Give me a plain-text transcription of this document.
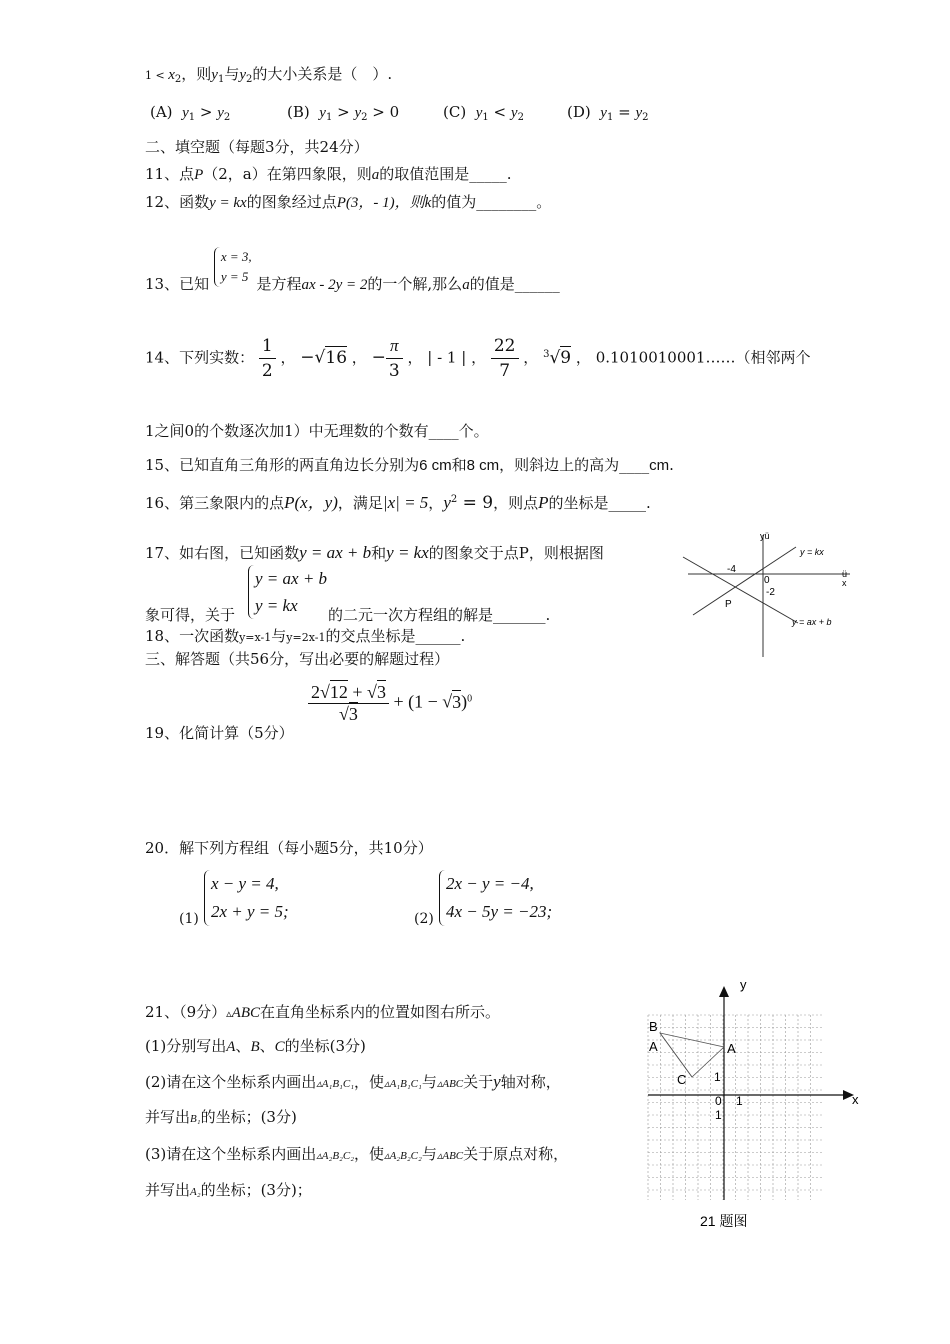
$1 < x_2$，则$y_1$与$y_2$的大小关系是（　）.
(A) $y_1 > y_2$	(B) $y_1 > y_2 > 0$	(C) $y_1 < y_2$	(D) $y_1 = y_2$
二、填空题（每题3分，共24分）
11、点P（2，a）在第四象限，则a的取值范围是_____.
12、函数y = kx的图象经过点P(3，- 1)，则k的值为________。
13、已知
x = 3,
y = 5 是方程ax - 2y = 2的一个解,那么a的值是______
14、下列实数： $\frac{1}{2}$ ， −√16 ， − $\frac{\pi}{3}$ ， | - 1 | ， $\frac{22}{7}$ ， $^3$√9 ， 0.1010010001……（相邻两个
1之间0的个数逐次加1）中无理数的个数有____个。
15、已知直角三角形的两直角边长分别为6 cm和8 cm，则斜边上的高为____cm.
16、第三象限内的点P(x，y)，满足|x| = 5，$y^2 = 9$，则点P的坐标是_____.
17、如右图，已知函数y = ax + b和y = kx的图象交于点P，则根据图
y = ax + b
y = kx
象可得，关于	的二元一次方程组的解是_______.
yü
ü
x
0
-4
-2
P
y = kx
y = ax + b
18、一次函数y=x-1与y=2x-1的交点坐标是______.
三、解答题（共56分，写出必要的解题过程）
19、化简计算（5分）
$\frac{2√12 + √3}{√3} + (1 - √3)^0$
20．解下列方程组（每小题5分，共10分）
(1)
x − y = 4,
2x + y = 5;	(2)
2x − y = −4,
4x − 5y = −23;
21、（9分）▵ABC在直角坐标系内的位置如图右所示。
(1)分别写出A、B、C的坐标(3分)
(2)请在这个坐标系内画出▵A₁B₁C₁，使▵A₁B₁C₁与▵ABC关于y轴对称，
并写出B₁的坐标；(3分)
(3)请在这个坐标系内画出▵A₂B₂C₂，使▵A₂B₂C₂与▵ABC关于原点对称，
并写出A₂的坐标；(3分)；
y
x
B
A	A
C 1
0 1
1
21 题图
